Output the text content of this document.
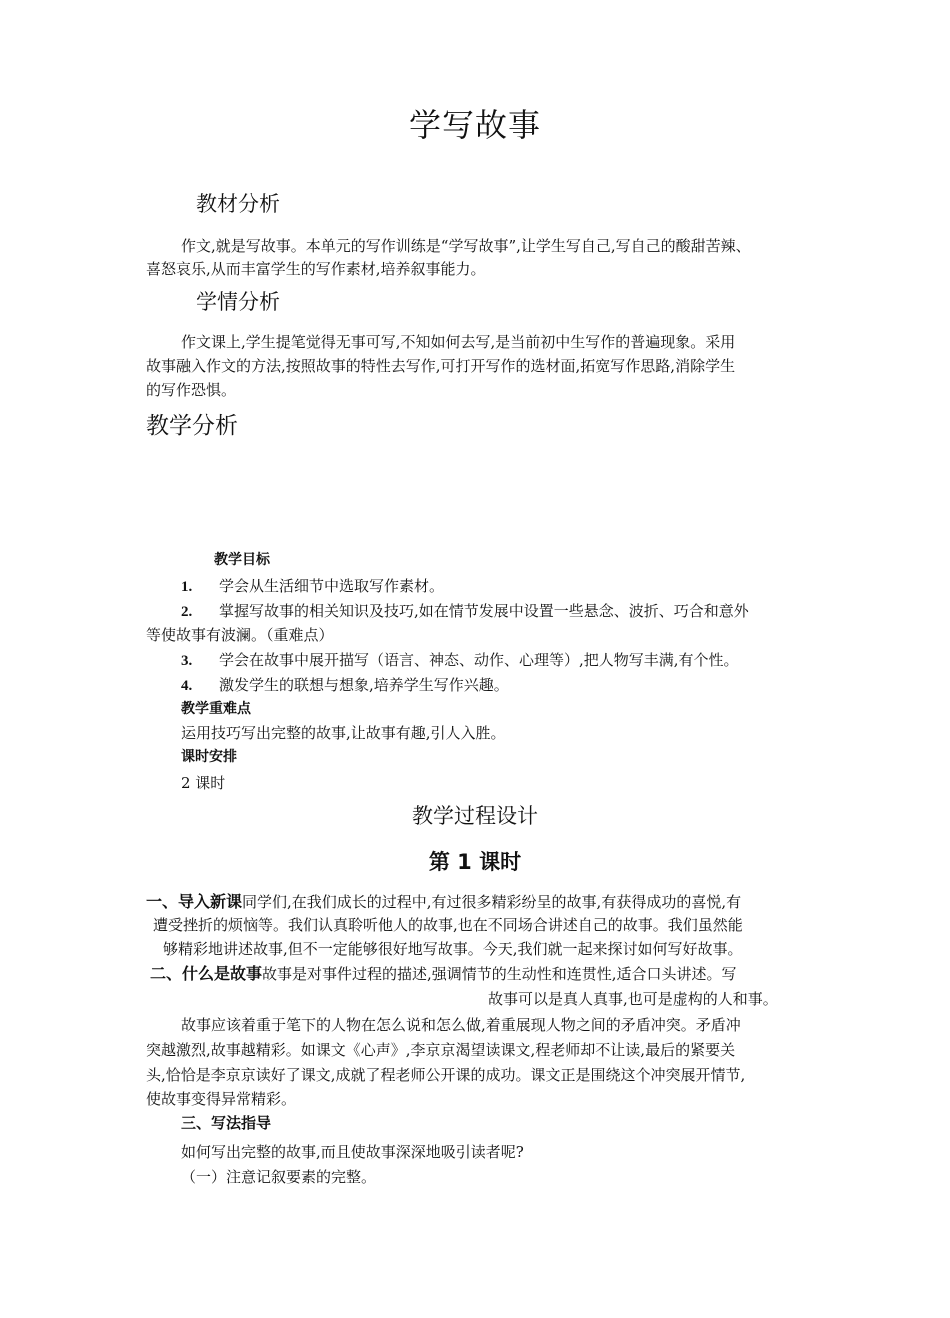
学写故事
教材分析
作文,就是写故事。本单元的写作训练是“学写故事”,让学生写自己,写自己的酸甜苦辣、
喜怒哀乐,从而丰富学生的写作素材,培养叙事能力。
学情分析
作文课上,学生提笔觉得无事可写,不知如何去写,是当前初中生写作的普遍现象。采用
故事融入作文的方法,按照故事的特性去写作,可打开写作的选材面,拓宽写作思路,消除学生
的写作恐惧。
教学分析
教学目标
1. 学会从生活细节中选取写作素材。
2. 掌握写故事的相关知识及技巧,如在情节发展中设置一些悬念、波折、巧合和意外
等使故事有波澜。（重难点）
3. 学会在故事中展开描写（语言、神态、动作、心理等）,把人物写丰满,有个性。
4. 激发学生的联想与想象,培养学生写作兴趣。
教学重难点
运用技巧写出完整的故事,让故事有趣,引人入胜。
课时安排
2 课时
教学过程设计
第 1 课时
一、导入新课同学们,在我们成长的过程中,有过很多精彩纷呈的故事,有获得成功的喜悦,有
遭受挫折的烦恼等。我们认真聆听他人的故事,也在不同场合讲述自己的故事。我们虽然能
够精彩地讲述故事,但不一定能够很好地写故事。今天,我们就一起来探讨如何写好故事。
二、什么是故事故事是对事件过程的描述,强调情节的生动性和连贯性,适合口头讲述。写
故事可以是真人真事,也可是虚构的人和事。
故事应该着重于笔下的人物在怎么说和怎么做,着重展现人物之间的矛盾冲突。矛盾冲
突越激烈,故事越精彩。如课文《心声》,李京京渴望读课文,程老师却不让读,最后的紧要关
头,恰恰是李京京读好了课文,成就了程老师公开课的成功。课文正是围绕这个冲突展开情节,
使故事变得异常精彩。
三、写法指导
如何写出完整的故事,而且使故事深深地吸引读者呢?
（一）注意记叙要素的完整。
